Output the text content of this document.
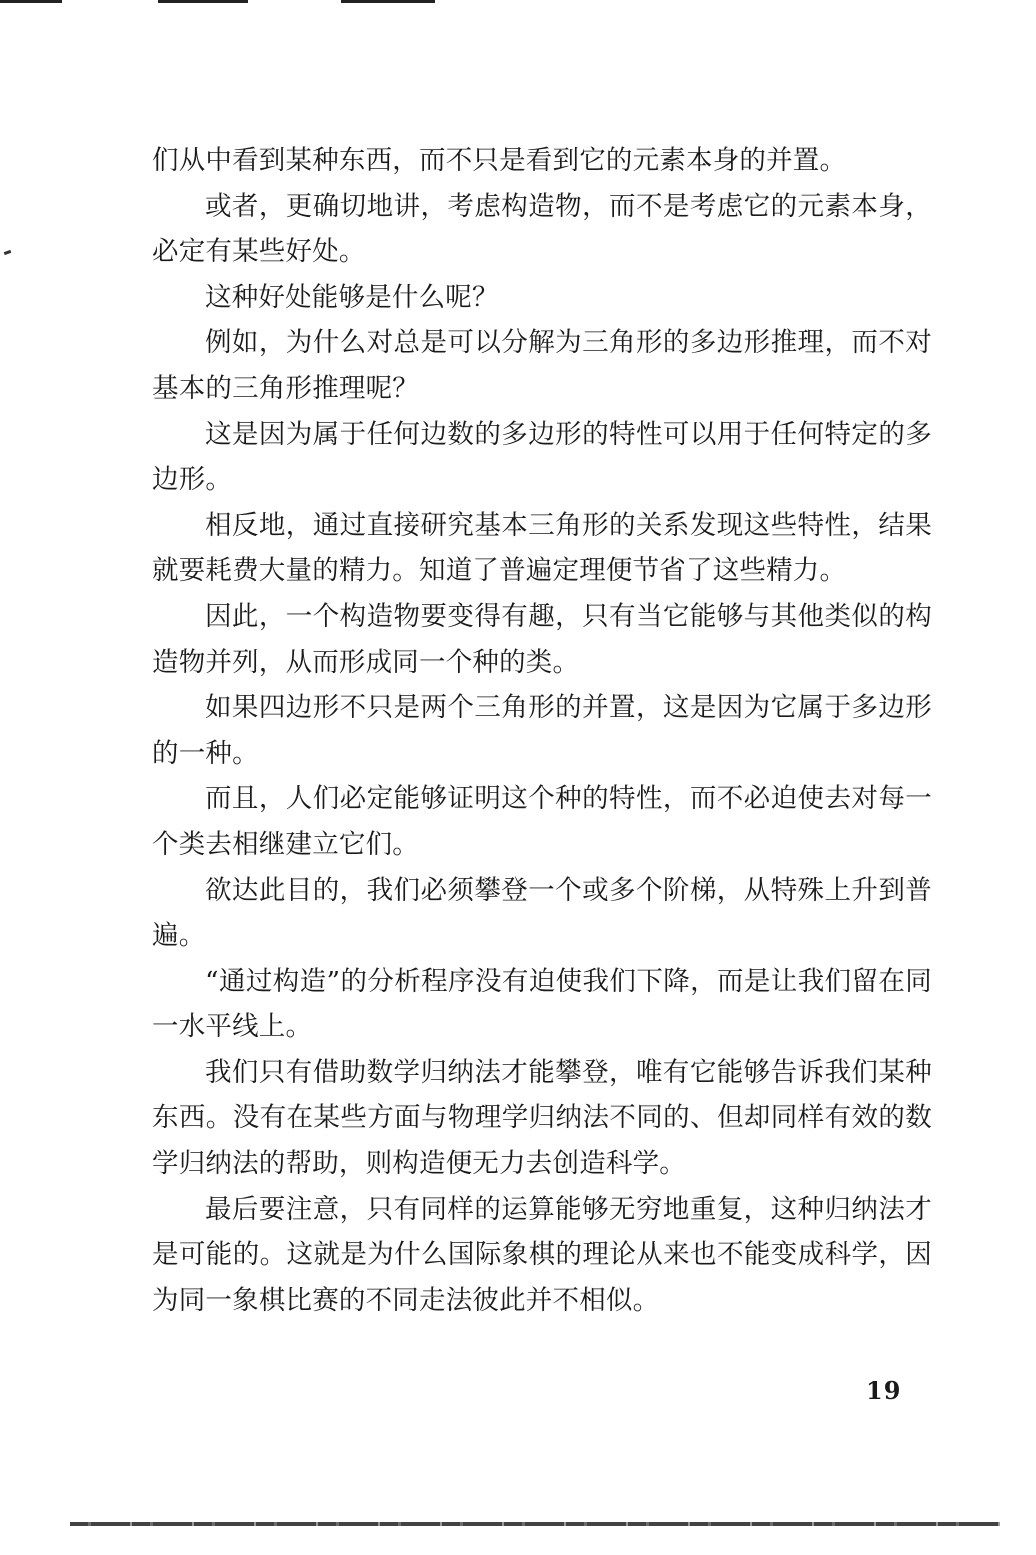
们从中看到某种东西，而不只是看到它的元素本身的并置。

或者，更确切地讲，考虑构造物，而不是考虑它的元素本身，必定有某些好处。

这种好处能够是什么呢？

例如，为什么对总是可以分解为三角形的多边形推理，而不对基本的三角形推理呢？

这是因为属于任何边数的多边形的特性可以用于任何特定的多边形。

相反地，通过直接研究基本三角形的关系发现这些特性，结果就要耗费大量的精力。知道了普遍定理便节省了这些精力。

因此，一个构造物要变得有趣，只有当它能够与其他类似的构造物并列，从而形成同一个种的类。

如果四边形不只是两个三角形的并置，这是因为它属于多边形的一种。

而且，人们必定能够证明这个种的特性，而不必迫使去对每一个类去相继建立它们。

欲达此目的，我们必须攀登一个或多个阶梯，从特殊上升到普遍。

“通过构造”的分析程序没有迫使我们下降，而是让我们留在同一水平线上。

我们只有借助数学归纳法才能攀登，唯有它能够告诉我们某种东西。没有在某些方面与物理学归纳法不同的、但却同样有效的数学归纳法的帮助，则构造便无力去创造科学。

最后要注意，只有同样的运算能够无穷地重复，这种归纳法才是可能的。这就是为什么国际象棋的理论从来也不能变成科学，因为同一象棋比赛的不同走法彼此并不相似。

19
